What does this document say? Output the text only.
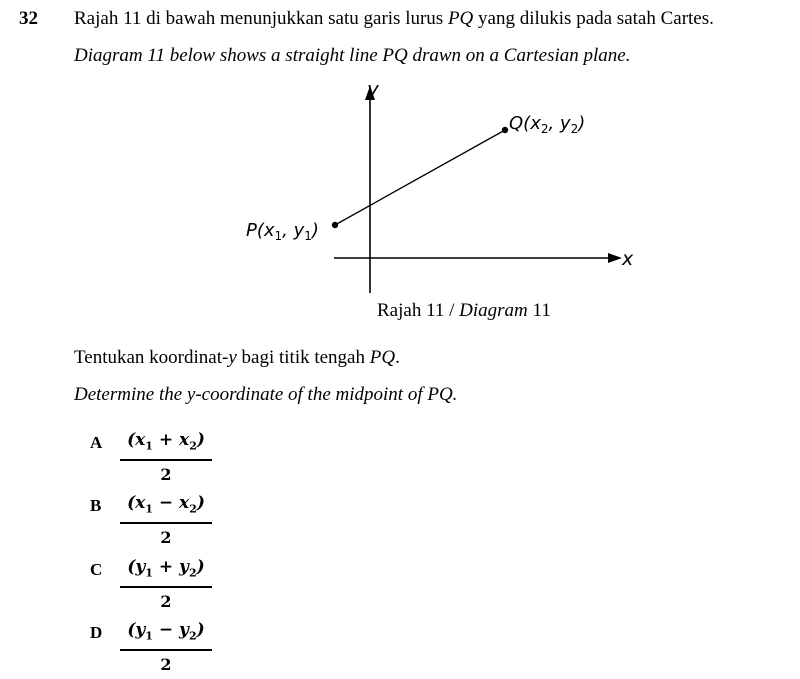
32 Rajah 11 di bawah menunjukkan satu garis lurus PQ yang dilukis pada satah Cartes.
Diagram 11 below shows a straight line PQ drawn on a Cartesian plane.
y
x
$P(x_1$, $y_1$)
$Q(x_2$, $y_2$)
Rajah 11 / Diagram 11
Tentukan koordinat-y bagi titik tengah PQ.
Determine the y-coordinate of the midpoint of PQ.
A	$(x_1 + x_2)$
2
B	$(x_1 - x_2)$
2
C	$(y_1 + y_2)$
2
D	$(y_1 - y_2)$
2
